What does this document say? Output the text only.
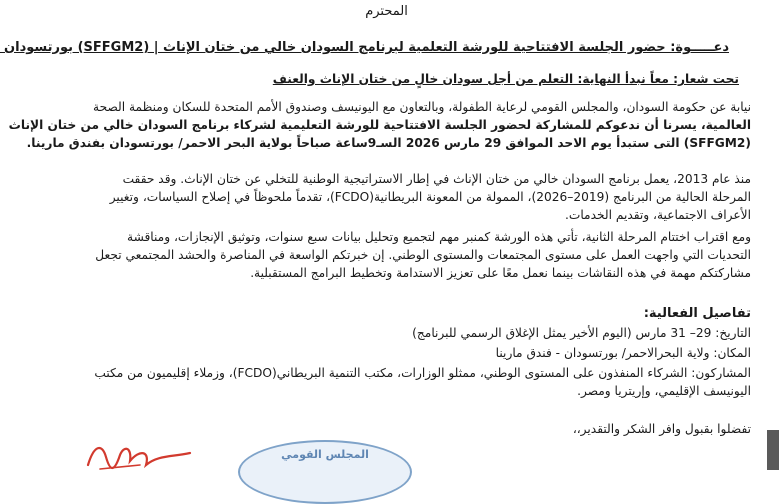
المحترم
دعـــــوة: حضور الجلسة الافتتاحية للورشة التعلمية لبرنامج السودان خالي من ختان الإناث | (SFFGM2) بورتسودان
تحت شعار: معاً نبدأ النهاية: التعلم من أجل سودان خالٍ من ختان الإناث والعنف
نيابة عن حكومة السودان، والمجلس القومي لرعاية الطفولة، وبالتعاون مع اليونيسف وصندوق الأمم المتحدة للسكان ومنظمة الصحة
العالمية، يسرنا أن ندعوكم للمشاركة لحضور الجلسة الافتتاحية للورشة التعليمية لشركاء برنامج السودان خالي من ختان الإناث
(SFFGM2) التى ستبدأ يوم الاحد الموافق 29 مارس 2026 السـ9ساعة صباحاً بولاية البحر الاحمر/ بورتسودان بفندق مارينا.
منذ عام 2013، يعمل برنامج السودان خالي من ختان الإناث في إطار الاستراتيجية الوطنية للتخلي عن ختان الإناث. وقد حققت
المرحلة الحالية من البرنامج (2019–2026)، الممولة من المعونة البريطانية(FCDO)، تقدماً ملحوظاً في إصلاح السياسات، وتغيير
الأعراف الاجتماعية، وتقديم الخدمات.
ومع اقتراب اختتام المرحلة الثانية، تأتي هذه الورشة كمنبر مهم لتجميع وتحليل بيانات سبع سنوات، وتوثيق الإنجازات، ومناقشة
التحديات التي واجهت العمل على مستوى المجتمعات والمستوى الوطني. إن خبرتكم الواسعة في المناصرة والحشد المجتمعي تجعل
مشاركتكم مهمة في هذه النقاشات بينما نعمل معًا على تعزيز الاستدامة وتخطيط البرامج المستقبلية.
تفاصيل الفعالية:
التاريخ: 29– 31 مارس (اليوم الأخير يمثل الإغلاق الرسمي للبرنامج)
المكان: ولاية البحرالاحمر/ بورتسودان - فندق مارينا
المشاركون: الشركاء المنفذون على المستوى الوطني، ممثلو الوزارات، مكتب التنمية البريطاني(FCDO)، وزملاء إقليميون من مكتب
اليونيسف الإقليمي، وإريتريا ومصر.
تفضلوا بقبول وافر الشكر والتقدير،،
المجلس القومي
